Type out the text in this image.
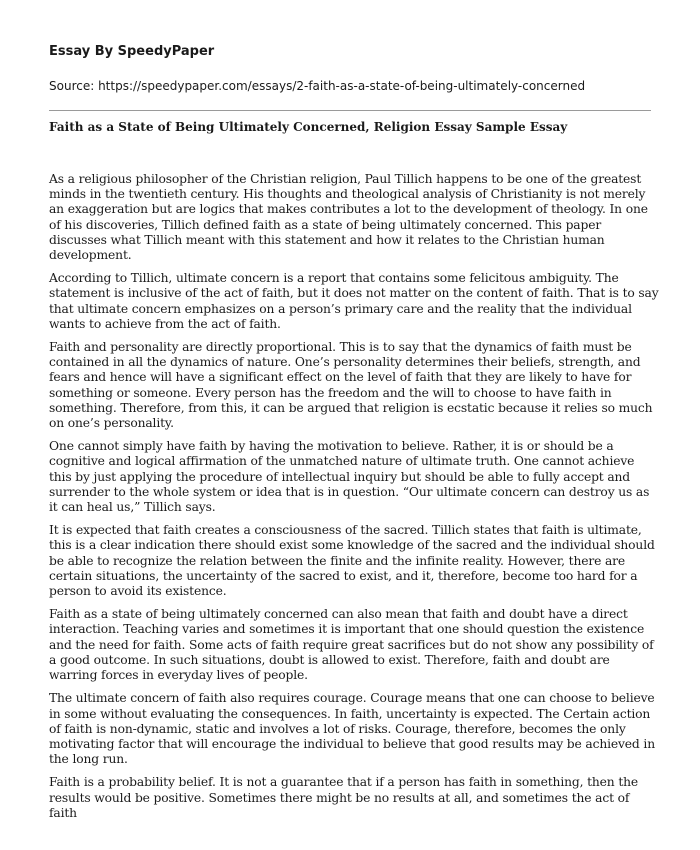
Essay By SpeedyPaper

Source: https://speedypaper.com/essays/2-faith-as-a-state-of-being-ultimately-concerned

Faith as a State of Being Ultimately Concerned, Religion Essay Sample Essay

As a religious philosopher of the Christian religion, Paul Tillich happens to be one of the greatest minds in the twentieth century. His thoughts and theological analysis of Christianity is not merely an exaggeration but are logics that makes contributes a lot to the development of theology. In one of his discoveries, Tillich defined faith as a state of being ultimately concerned. This paper discusses what Tillich meant with this statement and how it relates to the Christian human development.

According to Tillich, ultimate concern is a report that contains some felicitous ambiguity. The statement is inclusive of the act of faith, but it does not matter on the content of faith. That is to say that ultimate concern emphasizes on a person’s primary care and the reality that the individual wants to achieve from the act of faith.

Faith and personality are directly proportional. This is to say that the dynamics of faith must be contained in all the dynamics of nature. One’s personality determines their beliefs, strength, and fears and hence will have a significant effect on the level of faith that they are likely to have for something or someone. Every person has the freedom and the will to choose to have faith in something. Therefore, from this, it can be argued that religion is ecstatic because it relies so much on one’s personality.

One cannot simply have faith by having the motivation to believe. Rather, it is or should be a cognitive and logical affirmation of the unmatched nature of ultimate truth. One cannot achieve this by just applying the procedure of intellectual inquiry but should be able to fully accept and surrender to the whole system or idea that is in question. “Our ultimate concern can destroy us as it can heal us,” Tillich says.

It is expected that faith creates a consciousness of the sacred. Tillich states that faith is ultimate, this is a clear indication there should exist some knowledge of the sacred and the individual should be able to recognize the relation between the finite and the infinite reality. However, there are certain situations, the uncertainty of the sacred to exist, and it, therefore, become too hard for a person to avoid its existence.

Faith as a state of being ultimately concerned can also mean that faith and doubt have a direct interaction. Teaching varies and sometimes it is important that one should question the existence and the need for faith. Some acts of faith require great sacrifices but do not show any possibility of a good outcome. In such situations, doubt is allowed to exist. Therefore, faith and doubt are warring forces in everyday lives of people.

The ultimate concern of faith also requires courage. Courage means that one can choose to believe in some without evaluating the consequences. In faith, uncertainty is expected. The Certain action of faith is non-dynamic, static and involves a lot of risks. Courage, therefore, becomes the only motivating factor that will encourage the individual to believe that good results may be achieved in the long run.

Faith is a probability belief. It is not a guarantee that if a person has faith in something, then the results would be positive. Sometimes there might be no results at all, and sometimes the act of faith
